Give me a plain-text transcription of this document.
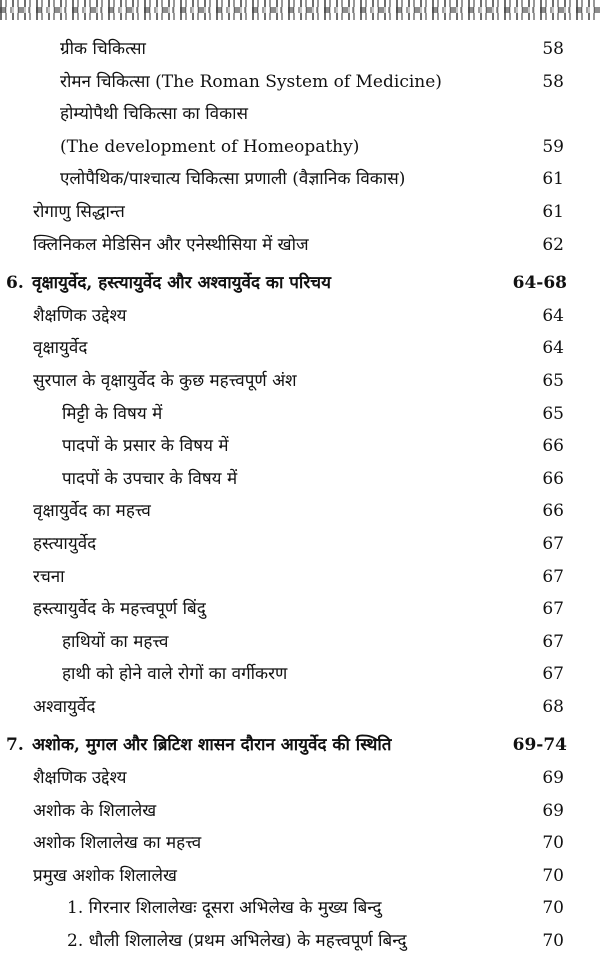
ग्रीक चिकित्सा	58
रोमन चिकित्सा (The Roman System of Medicine)	58
होम्योपैथी चिकित्सा का विकास
(The development of Homeopathy)	59
एलोपैथिक/पाश्चात्य चिकित्सा प्रणाली (वैज्ञानिक विकास)	61
रोगाणु सिद्धान्त	61
क्लिनिकल मेडिसिन और एनेस्थीसिया में खोज	62
6. वृक्षायुर्वेद, हस्त्यायुर्वेद और अश्वायुर्वेद का परिचय	64-68
शैक्षणिक उद्देश्य	64
वृक्षायुर्वेद	64
सुरपाल के वृक्षायुर्वेद के कुछ महत्त्वपूर्ण अंश	65
मिट्टी के विषय में	65
पादपों के प्रसार के विषय में	66
पादपों के उपचार के विषय में	66
वृक्षायुर्वेद का महत्त्व	66
हस्त्यायुर्वेद	67
रचना	67
हस्त्यायुर्वेद के महत्त्वपूर्ण बिंदु	67
हाथियों का महत्त्व	67
हाथी को होने वाले रोगों का वर्गीकरण	67
अश्वायुर्वेद	68
7. अशोक, मुगल और ब्रिटिश शासन दौरान आयुर्वेद की स्थिति	69-74
शैक्षणिक उद्देश्य	69
अशोक के शिलालेख	69
अशोक शिलालेख का महत्त्व	70
प्रमुख अशोक शिलालेख	70
1. गिरनार शिलालेखः दूसरा अभिलेख के मुख्य बिन्दु	70
2. धौली शिलालेख (प्रथम अभिलेख) के महत्त्वपूर्ण बिन्दु	70
